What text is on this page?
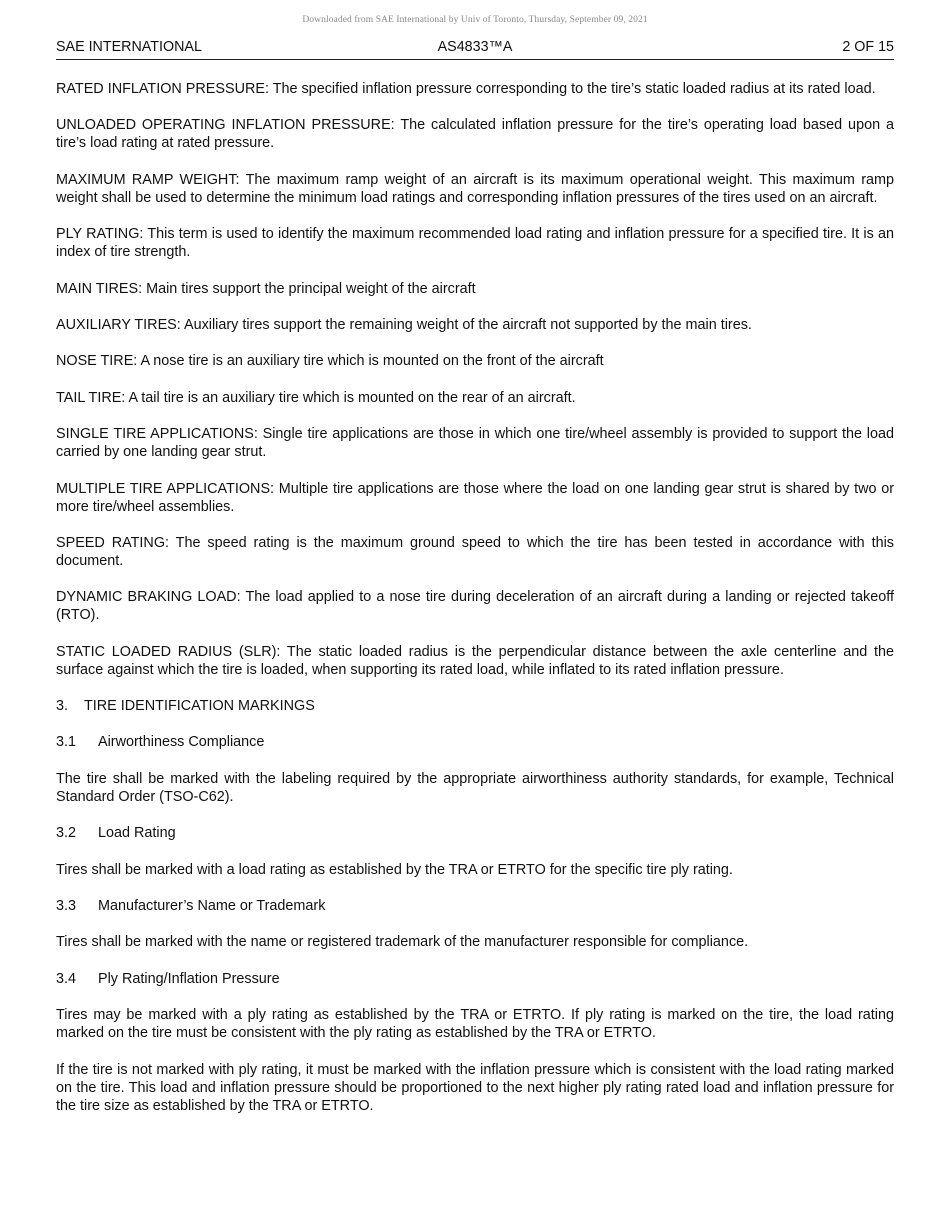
Downloaded from SAE International by Univ of Toronto, Thursday, September 09, 2021
SAE INTERNATIONAL	AS4833™A	2 OF 15

RATED INFLATION PRESSURE: The specified inflation pressure corresponding to the tire’s static loaded radius at its rated load.

UNLOADED OPERATING INFLATION PRESSURE: The calculated inflation pressure for the tire’s operating load based upon a tire’s load rating at rated pressure.

MAXIMUM RAMP WEIGHT: The maximum ramp weight of an aircraft is its maximum operational weight. This maximum ramp weight shall be used to determine the minimum load ratings and corresponding inflation pressures of the tires used on an aircraft.

PLY RATING: This term is used to identify the maximum recommended load rating and inflation pressure for a specified tire. It is an index of tire strength.

MAIN TIRES: Main tires support the principal weight of the aircraft

AUXILIARY TIRES: Auxiliary tires support the remaining weight of the aircraft not supported by the main tires.

NOSE TIRE: A nose tire is an auxiliary tire which is mounted on the front of the aircraft

TAIL TIRE: A tail tire is an auxiliary tire which is mounted on the rear of an aircraft.

SINGLE TIRE APPLICATIONS: Single tire applications are those in which one tire/wheel assembly is provided to support the load carried by one landing gear strut.

MULTIPLE TIRE APPLICATIONS: Multiple tire applications are those where the load on one landing gear strut is shared by two or more tire/wheel assemblies.

SPEED RATING: The speed rating is the maximum ground speed to which the tire has been tested in accordance with this document.

DYNAMIC BRAKING LOAD: The load applied to a nose tire during deceleration of an aircraft during a landing or rejected takeoff (RTO).

STATIC LOADED RADIUS (SLR): The static loaded radius is the perpendicular distance between the axle centerline and the surface against which the tire is loaded, when supporting its rated load, while inflated to its rated inflation pressure.

3. TIRE IDENTIFICATION MARKINGS
3.1 Airworthiness Compliance

The tire shall be marked with the labeling required by the appropriate airworthiness authority standards, for example, Technical Standard Order (TSO-C62).

3.2 Load Rating

Tires shall be marked with a load rating as established by the TRA or ETRTO for the specific tire ply rating.

3.3 Manufacturer’s Name or Trademark

Tires shall be marked with the name or registered trademark of the manufacturer responsible for compliance.

3.4 Ply Rating/Inflation Pressure

Tires may be marked with a ply rating as established by the TRA or ETRTO. If ply rating is marked on the tire, the load rating marked on the tire must be consistent with the ply rating as established by the TRA or ETRTO.

If the tire is not marked with ply rating, it must be marked with the inflation pressure which is consistent with the load rating marked on the tire. This load and inflation pressure should be proportioned to the next higher ply rating rated load and inflation pressure for the tire size as established by the TRA or ETRTO.
